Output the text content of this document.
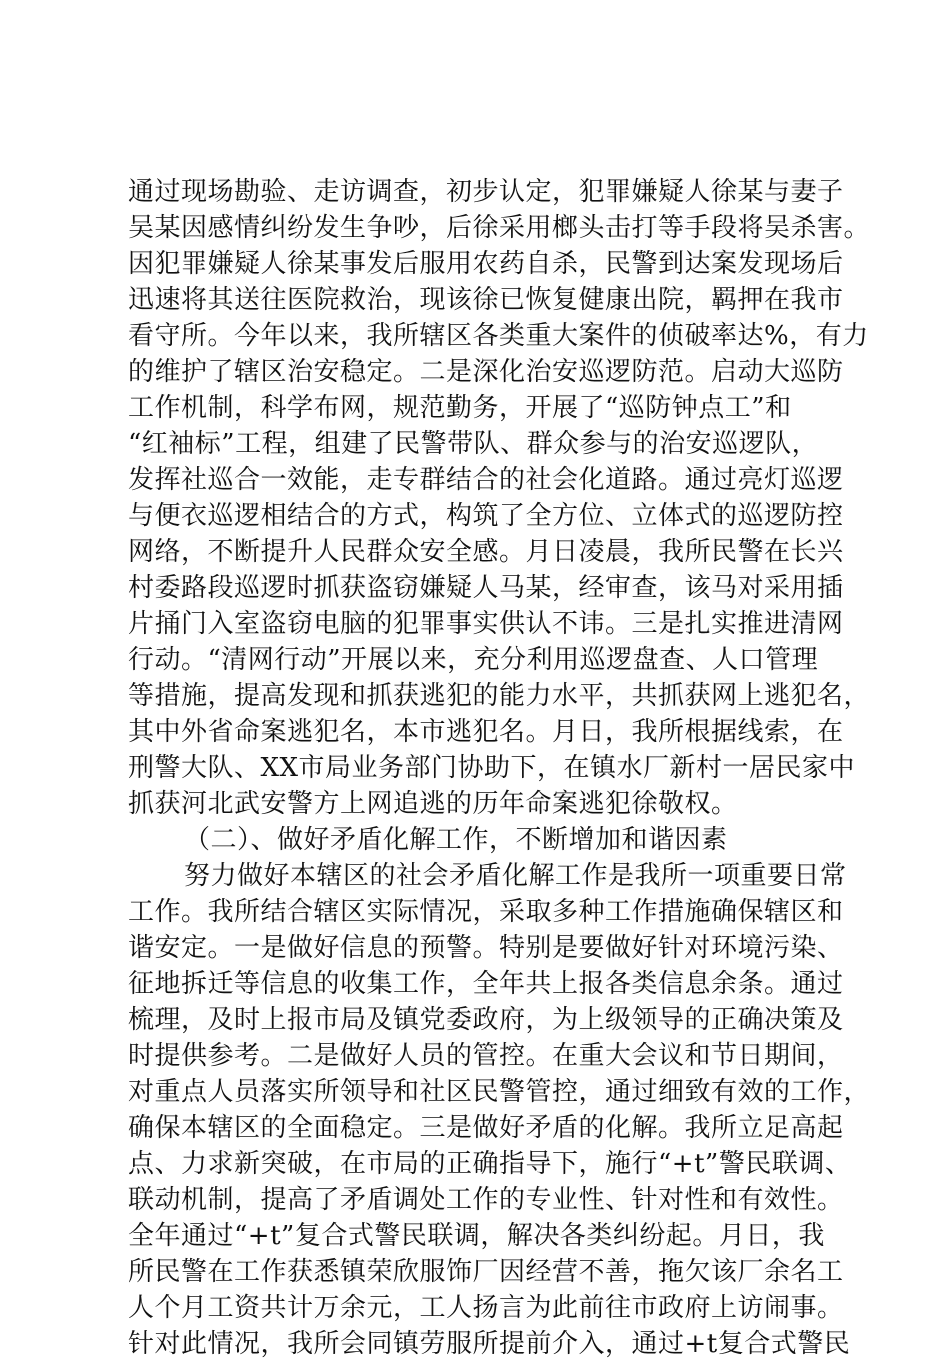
通过现场勘验、走访调查，初步认定，犯罪嫌疑人徐某与妻子
吴某因感情纠纷发生争吵，后徐采用榔头击打等手段将吴杀害。
因犯罪嫌疑人徐某事发后服用农药自杀，民警到达案发现场后
迅速将其送往医院救治，现该徐已恢复健康出院，羁押在我市
看守所。今年以来，我所辖区各类重大案件的侦破率达%，有力
的维护了辖区治安稳定。二是深化治安巡逻防范。启动大巡防
工作机制，科学布网，规范勤务，开展了“巡防钟点工”和
“红袖标”工程，组建了民警带队、群众参与的治安巡逻队，
发挥社巡合一效能，走专群结合的社会化道路。通过亮灯巡逻
与便衣巡逻相结合的方式，构筑了全方位、立体式的巡逻防控
网络，不断提升人民群众安全感。月日凌晨，我所民警在长兴
村委路段巡逻时抓获盗窃嫌疑人马某，经审查，该马对采用插
片捅门入室盗窃电脑的犯罪事实供认不讳。三是扎实推进清网
行动。“清网行动”开展以来，充分利用巡逻盘查、人口管理
等措施，提高发现和抓获逃犯的能力水平，共抓获网上逃犯名，
其中外省命案逃犯名，本市逃犯名。月日，我所根据线索，在
刑警大队、XX市局业务部门协助下，在镇水厂新村一居民家中
抓获河北武安警方上网追逃的历年命案逃犯徐敬权。
（二）、做好矛盾化解工作，不断增加和谐因素
努力做好本辖区的社会矛盾化解工作是我所一项重要日常
工作。我所结合辖区实际情况，采取多种工作措施确保辖区和
谐安定。一是做好信息的预警。特别是要做好针对环境污染、
征地拆迁等信息的收集工作，全年共上报各类信息余条。通过
梳理，及时上报市局及镇党委政府，为上级领导的正确决策及
时提供参考。二是做好人员的管控。在重大会议和节日期间，
对重点人员落实所领导和社区民警管控，通过细致有效的工作，
确保本辖区的全面稳定。三是做好矛盾的化解。我所立足高起
点、力求新突破，在市局的正确指导下，施行“+t”警民联调、
联动机制，提高了矛盾调处工作的专业性、针对性和有效性。
全年通过“+t”复合式警民联调，解决各类纠纷起。月日，我
所民警在工作获悉镇荣欣服饰厂因经营不善，拖欠该厂余名工
人个月工资共计万余元，工人扬言为此前往市政府上访闹事。
针对此情况，我所会同镇劳服所提前介入，通过+t复合式警民
